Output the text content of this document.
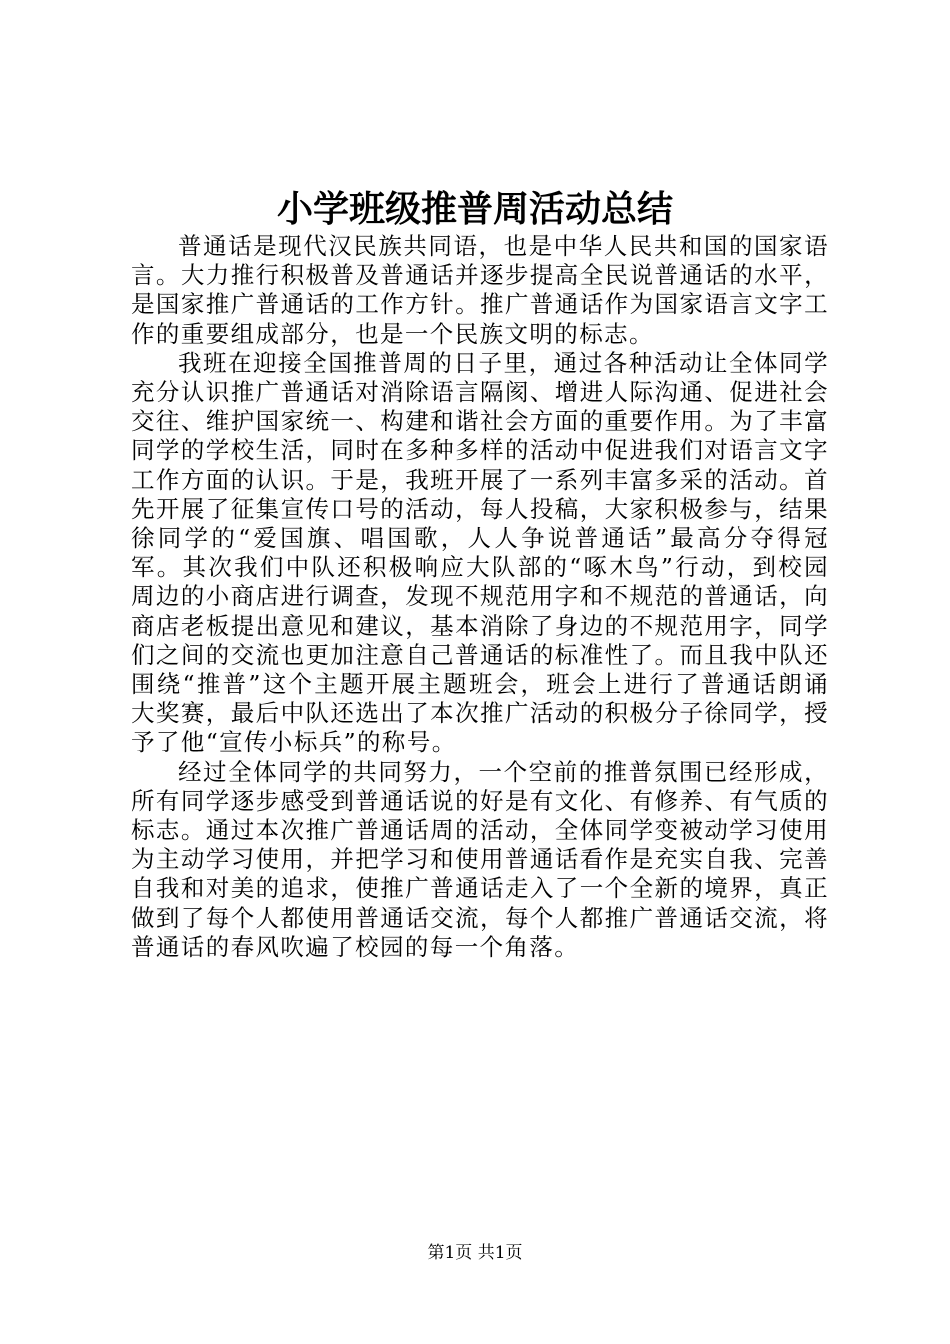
小学班级推普周活动总结

普通话是现代汉民族共同语，也是中华人民共和国的国家语言。大力推行积极普及普通话并逐步提高全民说普通话的水平，是国家推广普通话的工作方针。推广普通话作为国家语言文字工作的重要组成部分，也是一个民族文明的标志。

我班在迎接全国推普周的日子里，通过各种活动让全体同学充分认识推广普通话对消除语言隔阂、增进人际沟通、促进社会交往、维护国家统一、构建和谐社会方面的重要作用。为了丰富同学的学校生活，同时在多种多样的活动中促进我们对语言文字工作方面的认识。于是，我班开展了一系列丰富多采的活动。首先开展了征集宣传口号的活动，每人投稿，大家积极参与，结果徐同学的“爱国旗、唱国歌，人人争说普通话”最高分夺得冠军。其次我们中队还积极响应大队部的“啄木鸟”行动，到校园周边的小商店进行调查，发现不规范用字和不规范的普通话，向商店老板提出意见和建议，基本消除了身边的不规范用字，同学们之间的交流也更加注意自己普通话的标准性了。而且我中队还围绕“推普”这个主题开展主题班会，班会上进行了普通话朗诵大奖赛，最后中队还选出了本次推广活动的积极分子徐同学，授予了他“宣传小标兵”的称号。

经过全体同学的共同努力，一个空前的推普氛围已经形成，所有同学逐步感受到普通话说的好是有文化、有修养、有气质的标志。通过本次推广普通话周的活动，全体同学变被动学习使用为主动学习使用，并把学习和使用普通话看作是充实自我、完善自我和对美的追求，使推广普通话走入了一个全新的境界，真正做到了每个人都使用普通话交流，每个人都推广普通话交流，将普通话的春风吹遍了校园的每一个角落。

第1页 共1页
